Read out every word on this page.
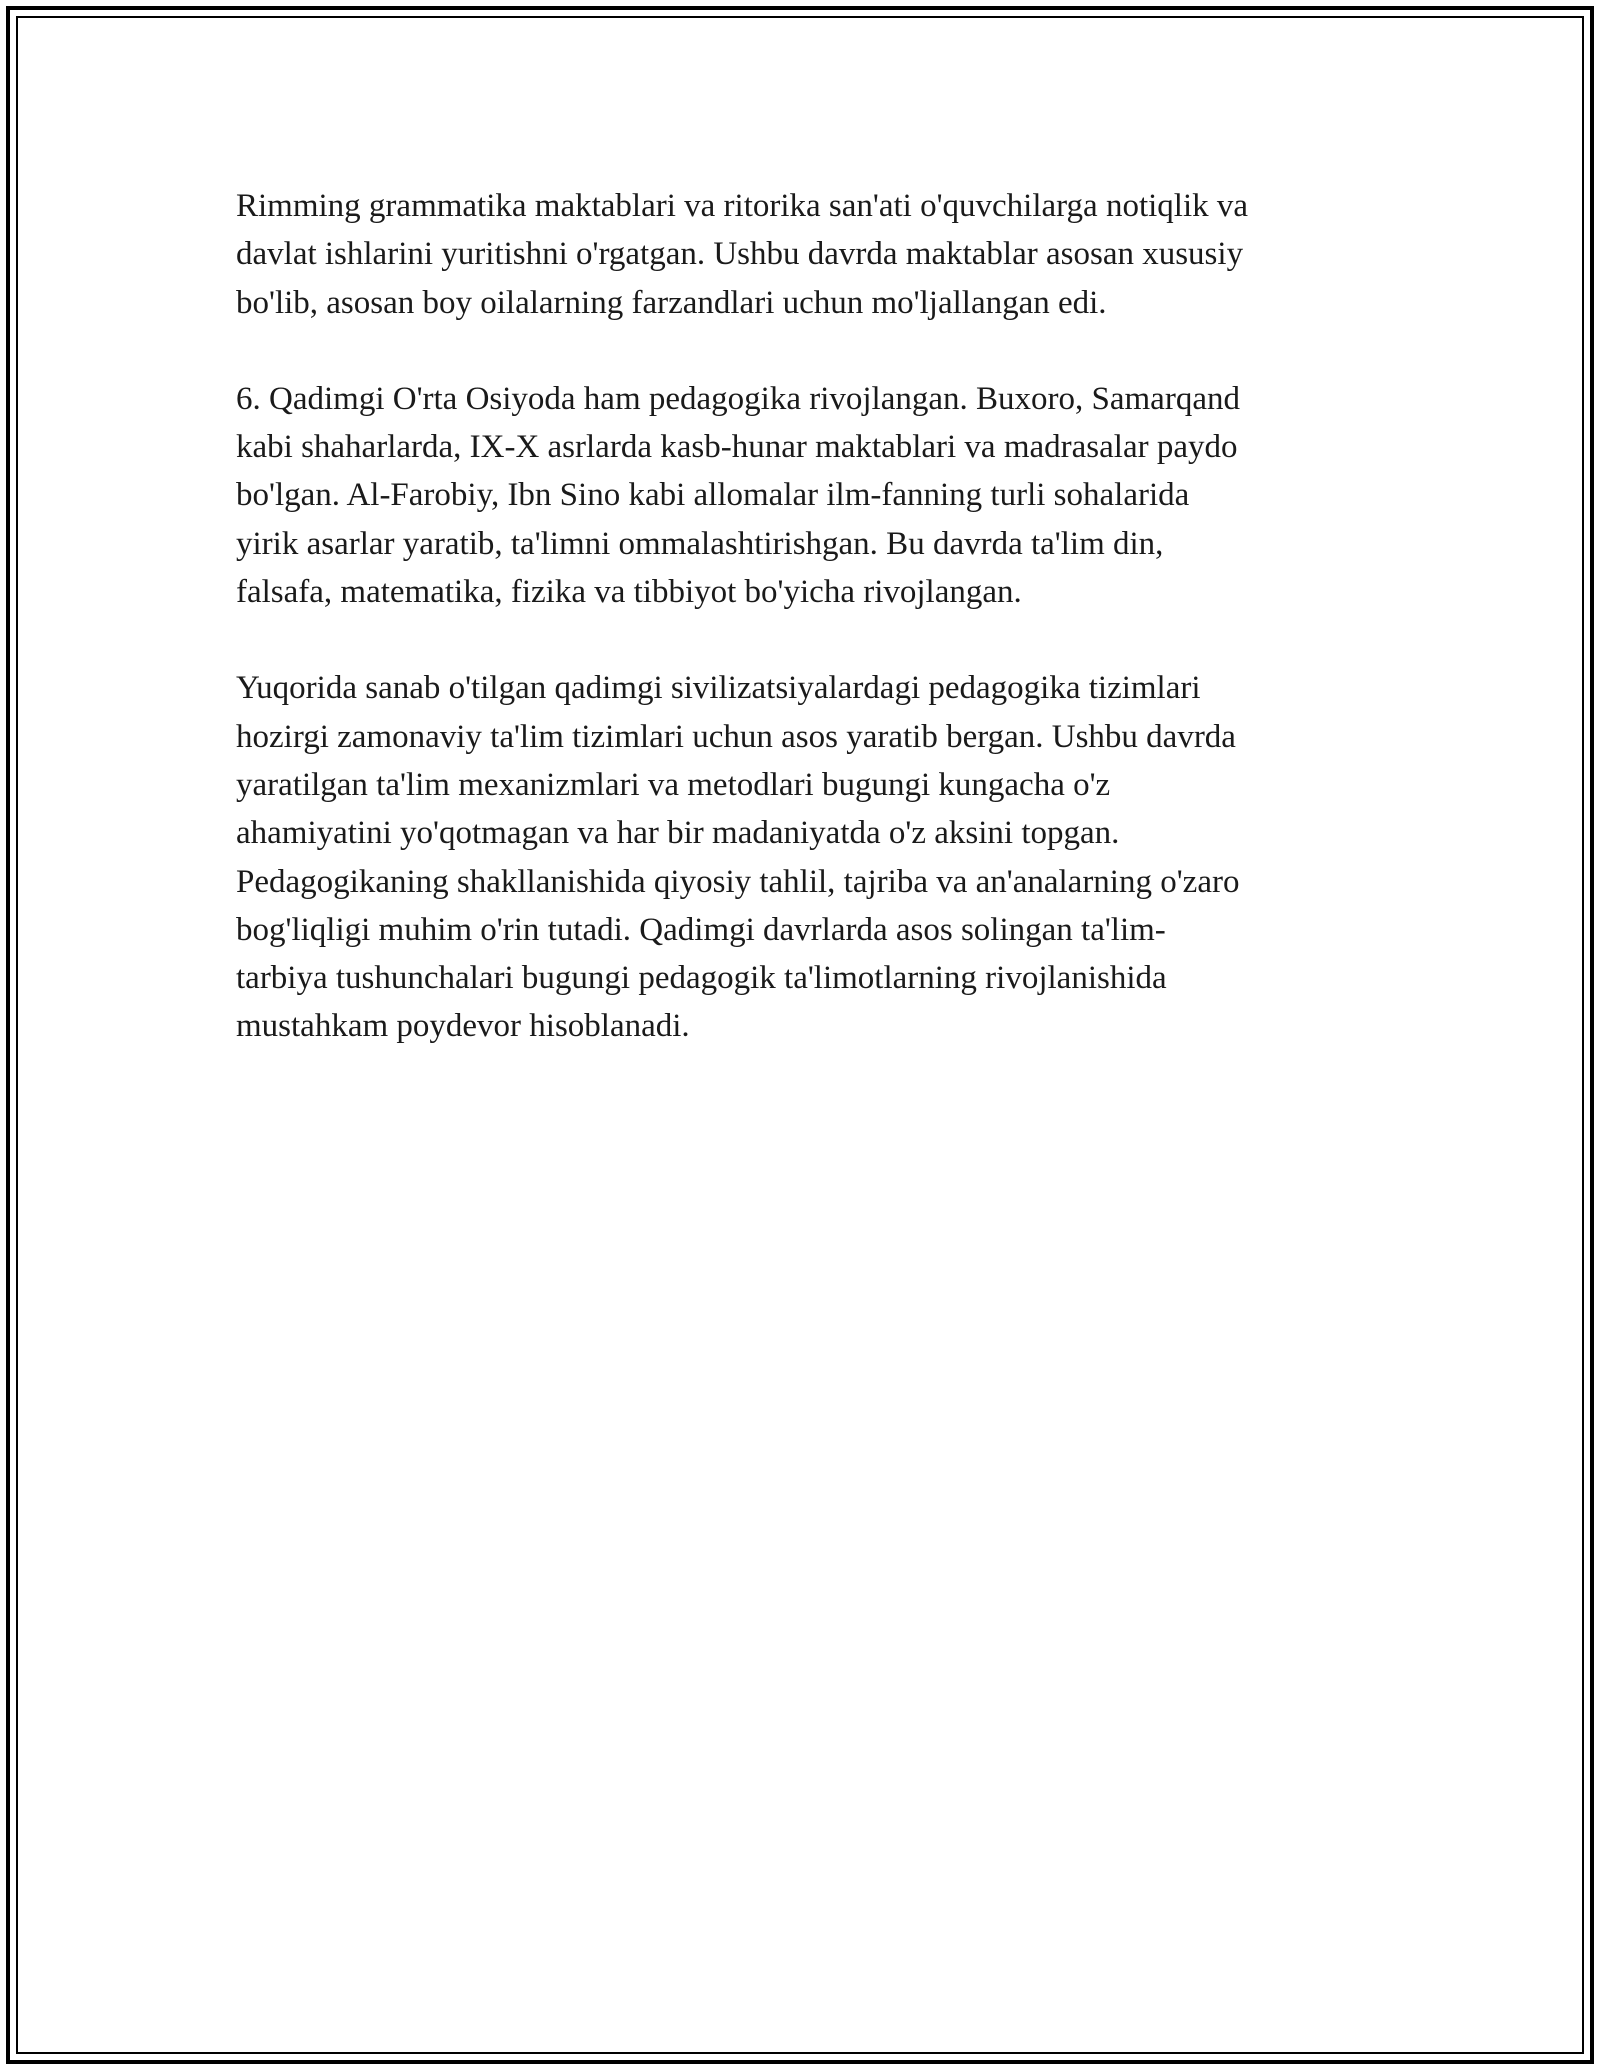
Rimming grammatika maktablari va ritorika san'ati o'quvchilarga notiqlik va
davlat ishlarini yuritishni o'rgatgan. Ushbu davrda maktablar asosan xususiy
bo'lib, asosan boy oilalarning farzandlari uchun mo'ljallangan edi.

6. Qadimgi O'rta Osiyoda ham pedagogika rivojlangan. Buxoro, Samarqand
kabi shaharlarda, IX-X asrlarda kasb-hunar maktablari va madrasalar paydo
bo'lgan. Al-Farobiy, Ibn Sino kabi allomalar ilm-fanning turli sohalarida
yirik asarlar yaratib, ta'limni ommalashtirishgan. Bu davrda ta'lim din,
falsafa, matematika, fizika va tibbiyot bo'yicha rivojlangan.

Yuqorida sanab o'tilgan qadimgi sivilizatsiyalardagi pedagogika tizimlari
hozirgi zamonaviy ta'lim tizimlari uchun asos yaratib bergan. Ushbu davrda
yaratilgan ta'lim mexanizmlari va metodlari bugungi kungacha o'z
ahamiyatini yo'qotmagan va har bir madaniyatda o'z aksini topgan.
Pedagogikaning shakllanishida qiyosiy tahlil, tajriba va an'analarning o'zaro
bog'liqligi muhim o'rin tutadi. Qadimgi davrlarda asos solingan ta'lim-
tarbiya tushunchalari bugungi pedagogik ta'limotlarning rivojlanishida
mustahkam poydevor hisoblanadi.
